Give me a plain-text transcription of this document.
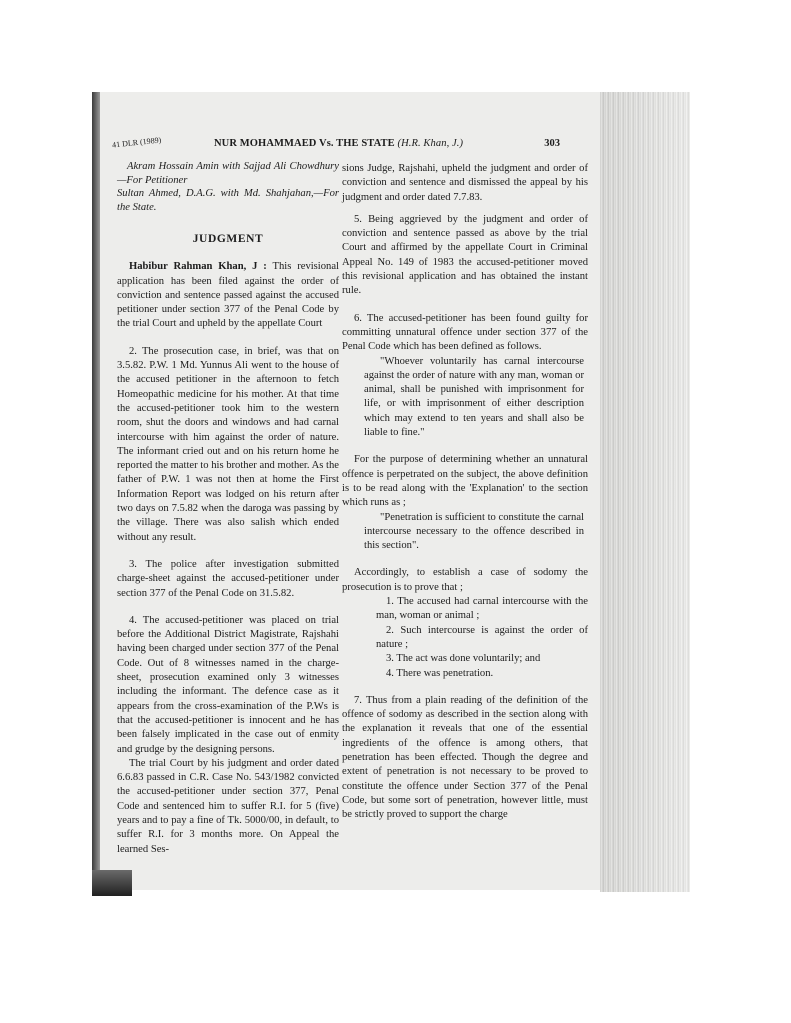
41 DLR (1989)	NUR MOHAMMAED Vs. THE STATE (H.R. Khan, J.)	303

Akram Hossain Amin with Sajjad Ali Chowdhury—For Petitioner

Sultan Ahmed, D.A.G. with Md. Shahjahan,—For the State.

JUDGMENT

Habibur Rahman Khan, J : This revisional application has been filed against the order of conviction and sentence passed against the accused petitioner under section 377 of the Penal Code by the trial Court and upheld by the appellate Court

2. The prosecution case, in brief, was that on 3.5.82. P.W. 1 Md. Yunnus Ali went to the house of the accused petitioner in the afternoon to fetch Homeopathic medicine for his mother. At that time the accused-petitioner took him to the western room, shut the doors and windows and had carnal intercourse with him against the order of nature. The informant cried out and on his return home he reported the matter to his brother and mother. As the father of P.W. 1 was not then at home the First Information Report was lodged on his return after two days on 7.5.82 when the daroga was passing by the village. There was also salish which ended without any result.

3. The police after investigation submitted charge-sheet against the accused-petitioner under section 377 of the Penal Code on 31.5.82.

4. The accused-petitioner was placed on trial before the Additional District Magistrate, Rajshahi having been charged under section 377 of the Penal Code. Out of 8 witnesses named in the charge-sheet, prosecution examined only 3 witnesses including the informant. The defence case as it appears from the cross-examination of the P.Ws is that the accused-petitioner is innocent and he has been falsely implicated in the case out of enmity and grudge by the designing persons.

The trial Court by his judgment and order dated 6.6.83 passed in C.R. Case No. 543/1982 convicted the accused-petitioner under section 377, Penal Code and sentenced him to suffer R.I. for 5 (five) years and to pay a fine of Tk. 5000/00, in default, to suffer R.I. for 3 months more. On Appeal the learned Ses-

sions Judge, Rajshahi, upheld the judgment and order of conviction and sentence and dismissed the appeal by his judgment and order dated 7.7.83.

5. Being aggrieved by the judgment and order of conviction and sentence passed as above by the trial Court and affirmed by the appellate Court in Criminal Appeal No. 149 of 1983 the accused-petitioner moved this revisional application and has obtained the instant rule.

6. The accused-petitioner has been found guilty for committing unnatural offence under section 377 of the Penal Code which has been defined as follows.

"Whoever voluntarily has carnal intercourse against the order of nature with any man, woman or animal, shall be punished with imprisonment for life, or with imprisonment of either description which may extend to ten years and shall also be liable to fine."

For the purpose of determining whether an unnatural offence is perpetrated on the subject, the above definition is to be read along with the 'Explanation' to the section which runs as ;

"Penetration is sufficient to constitute the carnal intercourse necessary to the offence described in this section".

Accordingly, to establish a case of sodomy the prosecution is to prove that ;

1. The accused had carnal intercourse with the man, woman or animal ;

2. Such intercourse is against the order of nature ;

3. The act was done voluntarily; and

4. There was penetration.

7. Thus from a plain reading of the definition of the offence of sodomy as described in the section along with the explanation it reveals that one of the essential ingredients of the offence is among others, that penetration has been effected. Though the degree and extent of penetration is not necessary to be proved to constitute the offence under Section 377 of the Penal Code, but some sort of penetration, however little, must be strictly proved to support the charge
